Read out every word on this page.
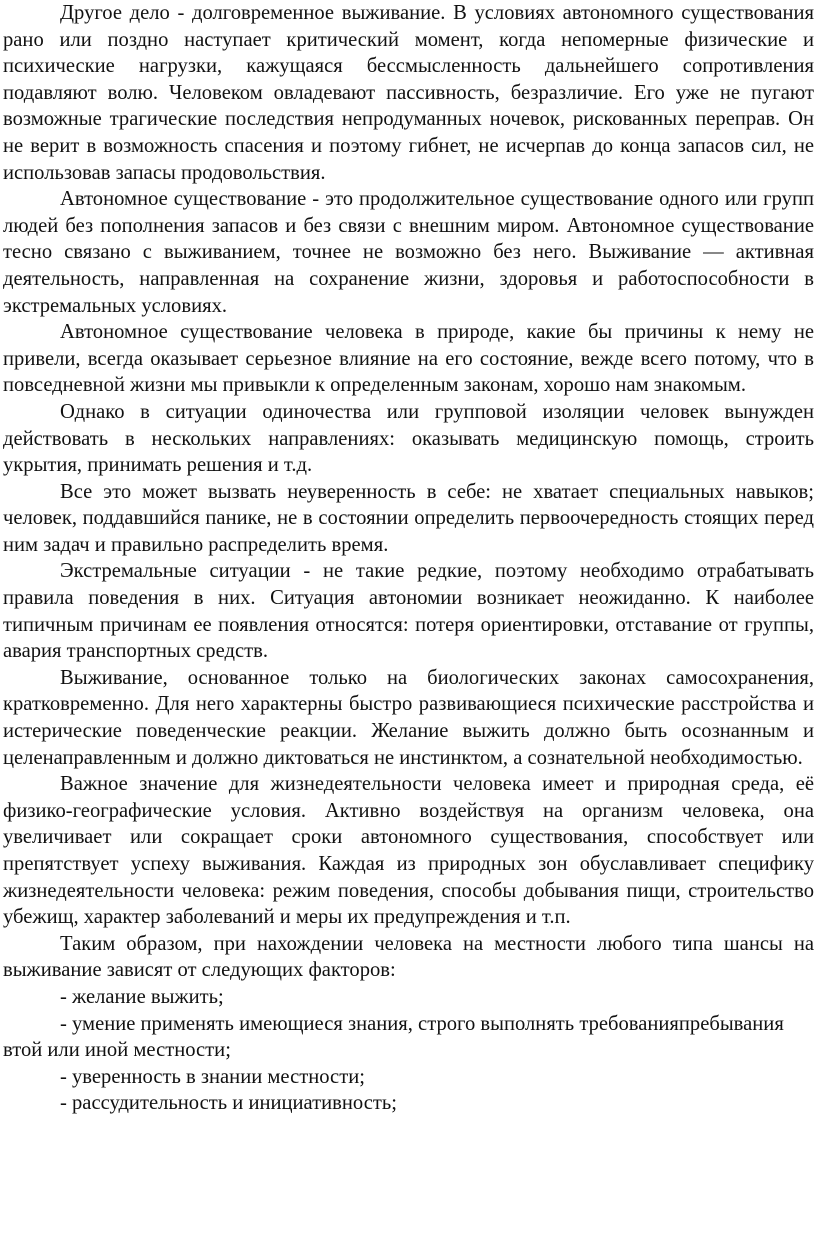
Другое дело - долговременное выживание. В условиях автономного существования рано или поздно наступает критический момент, когда непомерные физические и психические нагрузки, кажущаяся бессмысленность дальнейшего сопротивления подавляют волю. Человеком овладевают пассивность, безразличие. Его уже не пугают возможные трагические последствия непродуманных ночевок, рискованных переправ. Он не верит в возможность спасения и поэтому гибнет, не исчерпав до конца запасов сил, не использовав запасы продовольствия.

Автономное существование - это продолжительное существование одного или групп людей без пополнения запасов и без связи с внешним миром. Автономное существование тесно связано с выживанием, точнее не возможно без него. Выживание — активная деятельность, направленная на сохранение жизни, здоровья и работоспособности в экстремальных условиях.

Автономное существование человека в природе, какие бы причины к нему не привели, всегда оказывает серьезное влияние на его состояние, вежде всего потому, что в повседневной жизни мы привыкли к определенным законам, хорошо нам знакомым.

Однако в ситуации одиночества или групповой изоляции человек вынужден действовать в нескольких направлениях: оказывать медицинскую помощь, строить укрытия, принимать решения и т.д.

Все это может вызвать неуверенность в себе: не хватает специальных навыков; человек, поддавшийся панике, не в состоянии определить первоочередность стоящих перед ним задач и правильно распределить время.

Экстремальные ситуации - не такие редкие, поэтому необходимо отрабатывать правила поведения в них. Ситуация автономии возникает неожиданно. К наиболее типичным причинам ее появления относятся: потеря ориентировки, отставание от группы, авария транспортных средств.

Выживание, основанное только на биологических законах самосохранения, кратковременно. Для него характерны быстро развивающиеся психические расстройства и истерические поведенческие реакции. Желание выжить должно быть осознанным и целенаправленным и должно диктоваться не инстинктом, а сознательной необходимостью.

Важное значение для жизнедеятельности человека имеет и природная среда, её физико-географические условия. Активно воздействуя на организм человека, она увеличивает или сокращает сроки автономного существования, способствует или препятствует успеху выживания. Каждая из природных зон обуславливает специфику жизнедеятельности человека: режим поведения, способы добывания пищи, строительство убежищ, характер заболеваний и меры их предупреждения и т.п.

Таким образом, при нахождении человека на местности любого типа шансы на выживание зависят от следующих факторов:

- желание выжить;

- умение применять имеющиеся знания, строго выполнять требованияпребывания втой или иной местности;

- уверенность в знании местности;

- рассудительность и инициативность;
